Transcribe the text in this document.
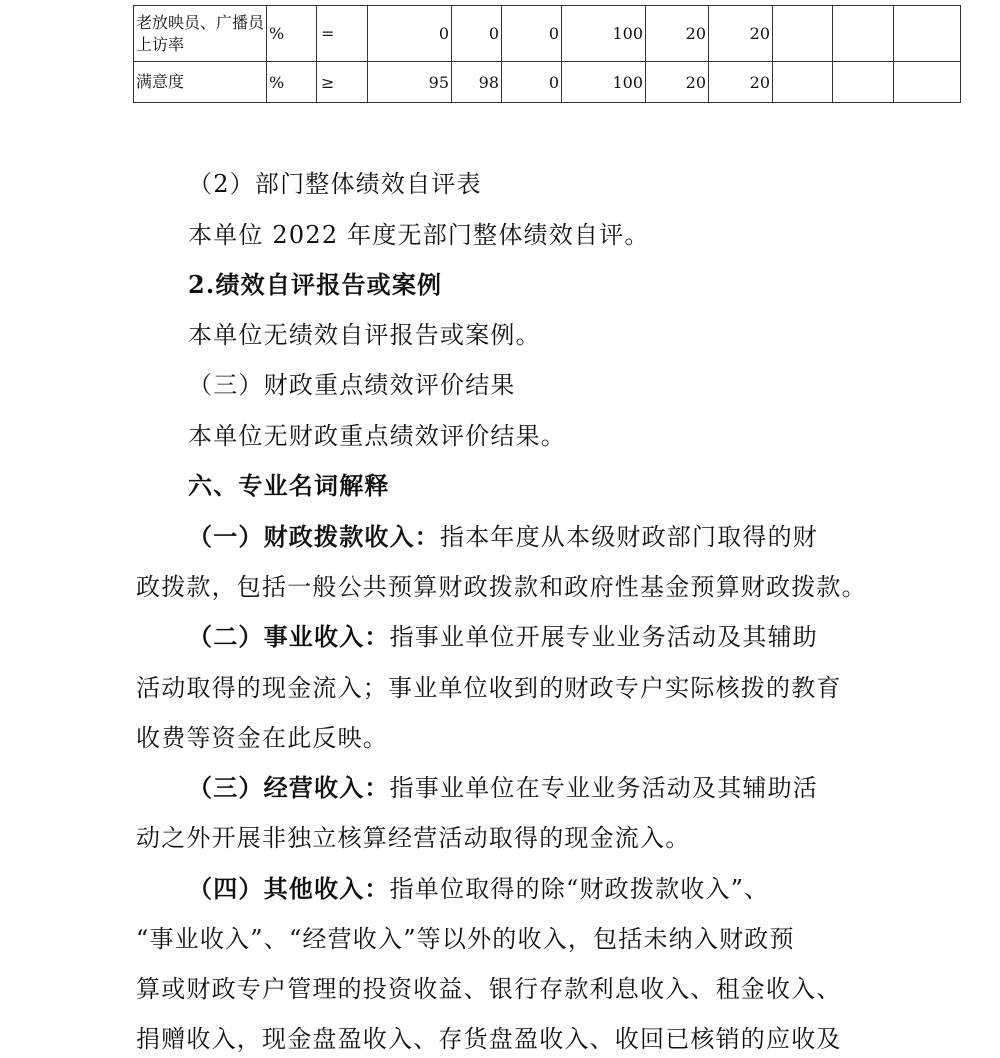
老放映员、广播员上访率	%	=	0	0	0	100	20	20			
满意度	%	≥	95	98	0	100	20	20			
（2）部门整体绩效自评表
本单位 2022 年度无部门整体绩效自评。
2.绩效自评报告或案例
本单位无绩效自评报告或案例。
（三）财政重点绩效评价结果
本单位无财政重点绩效评价结果。
六、专业名词解释
（一）财政拨款收入：指本年度从本级财政部门取得的财
政拨款，包括一般公共预算财政拨款和政府性基金预算财政拨款。
（二）事业收入：指事业单位开展专业业务活动及其辅助
活动取得的现金流入；事业单位收到的财政专户实际核拨的教育
收费等资金在此反映。
（三）经营收入：指事业单位在专业业务活动及其辅助活
动之外开展非独立核算经营活动取得的现金流入。
（四）其他收入：指单位取得的除“财政拨款收入”、
“事业收入”、“经营收入”等以外的收入，包括未纳入财政预
算或财政专户管理的投资收益、银行存款利息收入、租金收入、
捐赠收入，现金盘盈收入、存货盘盈收入、收回已核销的应收及
